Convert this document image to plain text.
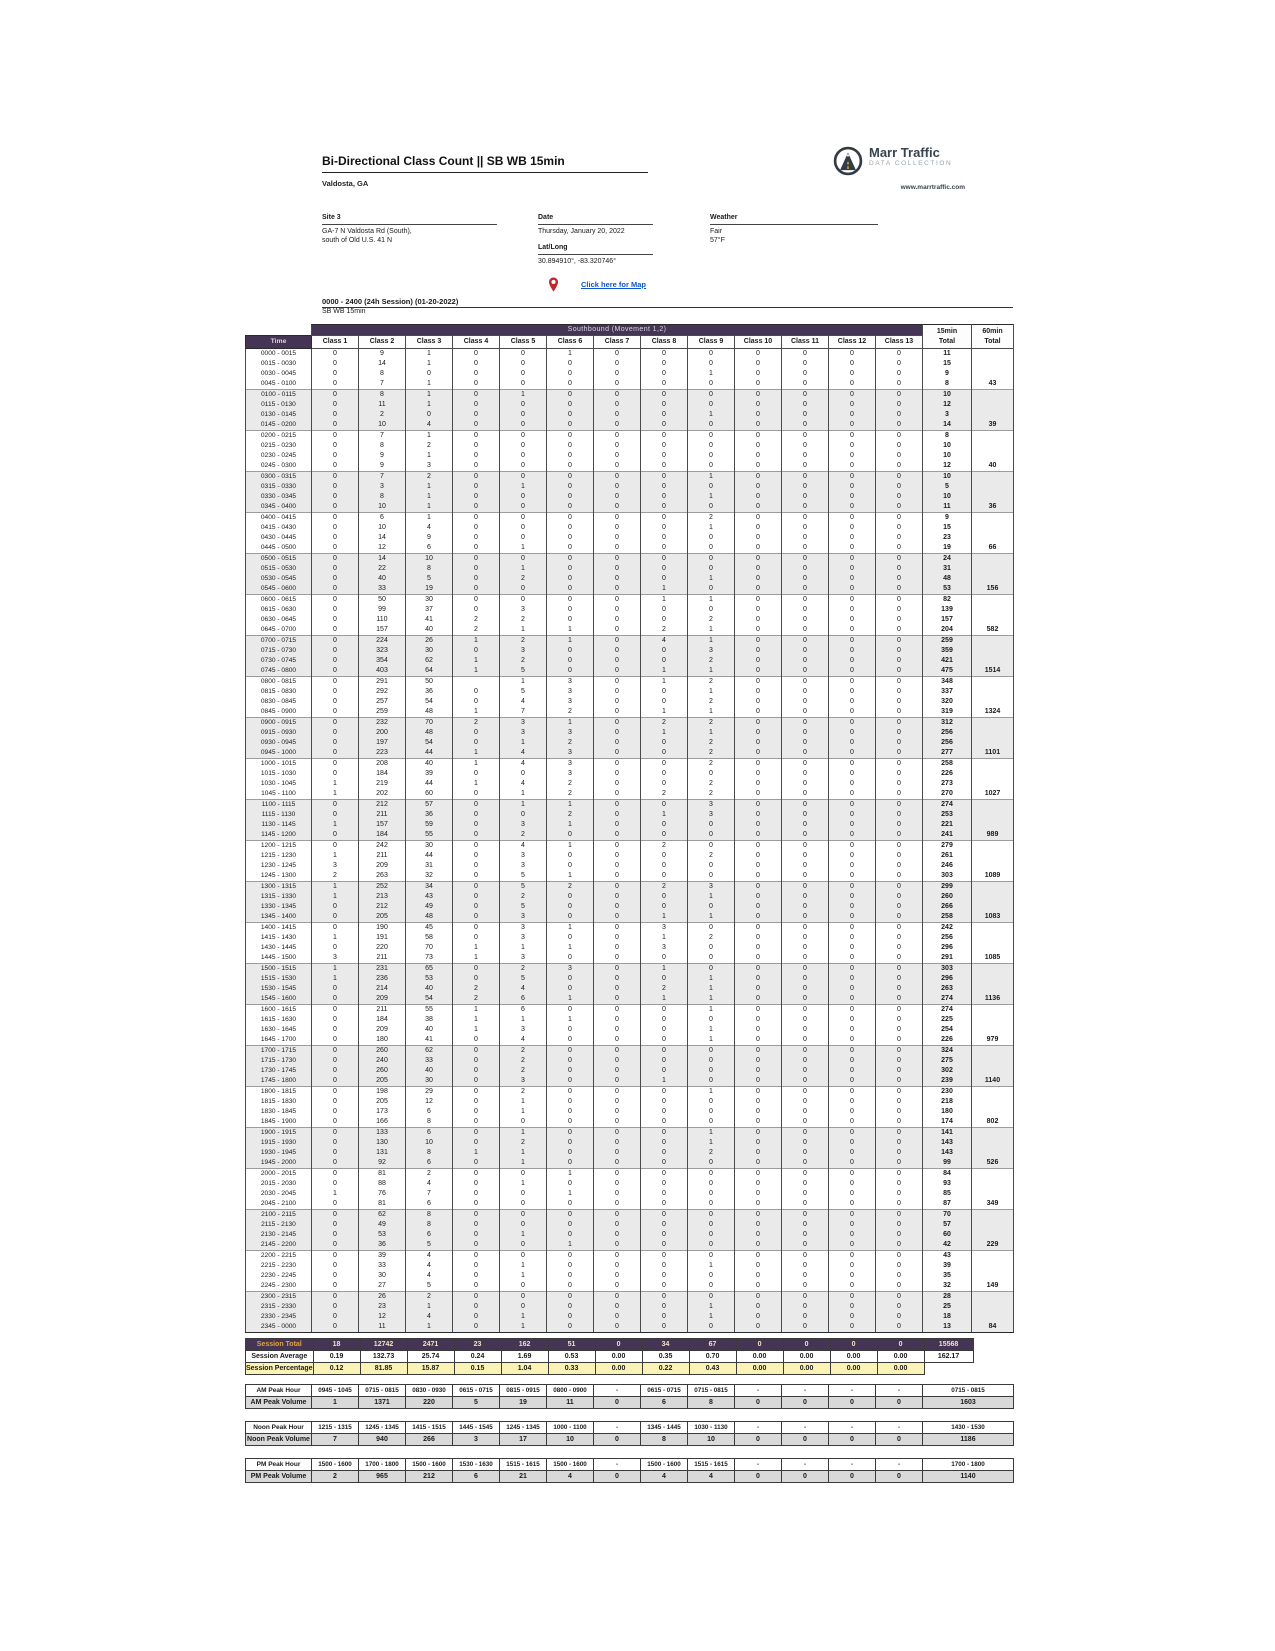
Bi-Directional Class Count || SB WB 15min
Valdosta, GA
Marr Traffic
DATA COLLECTION
www.marrtraffic.com
Site 3
GA-7 N Valdosta Rd (South),
south of Old U.S. 41 N
Date
Thursday, January 20, 2022
Weather
Fair
57°F
Lat/Long
30.894910°, -83.320746°
Click here for Map
0000 - 2400 (24h Session) (01-20-2022)
SB WB 15min
	Southbound (Movement 1,2)	15min
Total

60min
Total

Time	Class 1	Class 2	Class 3	Class 4	Class 5	Class 6	Class 7	Class 8	Class 9	Class 10	Class 11	Class 12	Class 13		
0000 - 0015	0	9	1	0	0	1	0	0	0	0	0	0	0	11	
0015 - 0030	0	14	1	0	0	0	0	0	0	0	0	0	0	15	
0030 - 0045	0	8	0	0	0	0	0	0	1	0	0	0	0	9	
0045 - 0100	0	7	1	0	0	0	0	0	0	0	0	0	0	8	43
0100 - 0115	0	8	1	0	1	0	0	0	0	0	0	0	0	10	
0115 - 0130	0	11	1	0	0	0	0	0	0	0	0	0	0	12	
0130 - 0145	0	2	0	0	0	0	0	0	1	0	0	0	0	3	
0145 - 0200	0	10	4	0	0	0	0	0	0	0	0	0	0	14	39
0200 - 0215	0	7	1	0	0	0	0	0	0	0	0	0	0	8	
0215 - 0230	0	8	2	0	0	0	0	0	0	0	0	0	0	10	
0230 - 0245	0	9	1	0	0	0	0	0	0	0	0	0	0	10	
0245 - 0300	0	9	3	0	0	0	0	0	0	0	0	0	0	12	40
0300 - 0315	0	7	2	0	0	0	0	0	1	0	0	0	0	10	
0315 - 0330	0	3	1	0	1	0	0	0	0	0	0	0	0	5	
0330 - 0345	0	8	1	0	0	0	0	0	1	0	0	0	0	10	
0345 - 0400	0	10	1	0	0	0	0	0	0	0	0	0	0	11	36
0400 - 0415	0	6	1	0	0	0	0	0	2	0	0	0	0	9	
0415 - 0430	0	10	4	0	0	0	0	0	1	0	0	0	0	15	
0430 - 0445	0	14	9	0	0	0	0	0	0	0	0	0	0	23	
0445 - 0500	0	12	6	0	1	0	0	0	0	0	0	0	0	19	66
0500 - 0515	0	14	10	0	0	0	0	0	0	0	0	0	0	24	
0515 - 0530	0	22	8	0	1	0	0	0	0	0	0	0	0	31	
0530 - 0545	0	40	5	0	2	0	0	0	1	0	0	0	0	48	
0545 - 0600	0	33	19	0	0	0	0	1	0	0	0	0	0	53	156
0600 - 0615	0	50	30	0	0	0	0	1	1	0	0	0	0	82	
0615 - 0630	0	99	37	0	3	0	0	0	0	0	0	0	0	139	
0630 - 0645	0	110	41	2	2	0	0	0	2	0	0	0	0	157	
0645 - 0700	0	157	40	2	1	1	0	2	1	0	0	0	0	204	582
0700 - 0715	0	224	26	1	2	1	0	4	1	0	0	0	0	259	
0715 - 0730	0	323	30	0	3	0	0	0	3	0	0	0	0	359	
0730 - 0745	0	354	62	1	2	0	0	0	2	0	0	0	0	421	
0745 - 0800	0	403	64	1	5	0	0	1	1	0	0	0	0	475	1514
0800 - 0815	0	291	50		1	3	0	1	2	0	0	0	0	348	
0815 - 0830	0	292	36	0	5	3	0	0	1	0	0	0	0	337	
0830 - 0845	0	257	54	0	4	3	0	0	2	0	0	0	0	320	
0845 - 0900	0	259	48	1	7	2	0	1	1	0	0	0	0	319	1324
0900 - 0915	0	232	70	2	3	1	0	2	2	0	0	0	0	312	
0915 - 0930	0	200	48	0	3	3	0	1	1	0	0	0	0	256	
0930 - 0945	0	197	54	0	1	2	0	0	2	0	0	0	0	256	
0945 - 1000	0	223	44	1	4	3	0	0	2	0	0	0	0	277	1101
1000 - 1015	0	208	40	1	4	3	0	0	2	0	0	0	0	258	
1015 - 1030	0	184	39	0	0	3	0	0	0	0	0	0	0	226	
1030 - 1045	1	219	44	1	4	2	0	0	2	0	0	0	0	273	
1045 - 1100	1	202	60	0	1	2	0	2	2	0	0	0	0	270	1027
1100 - 1115	0	212	57	0	1	1	0	0	3	0	0	0	0	274	
1115 - 1130	0	211	36	0	0	2	0	1	3	0	0	0	0	253	
1130 - 1145	1	157	59	0	3	1	0	0	0	0	0	0	0	221	
1145 - 1200	0	184	55	0	2	0	0	0	0	0	0	0	0	241	989
1200 - 1215	0	242	30	0	4	1	0	2	0	0	0	0	0	279	
1215 - 1230	1	211	44	0	3	0	0	0	2	0	0	0	0	261	
1230 - 1245	3	209	31	0	3	0	0	0	0	0	0	0	0	246	
1245 - 1300	2	263	32	0	5	1	0	0	0	0	0	0	0	303	1089
1300 - 1315	1	252	34	0	5	2	0	2	3	0	0	0	0	299	
1315 - 1330	1	213	43	0	2	0	0	0	1	0	0	0	0	260	
1330 - 1345	0	212	49	0	5	0	0	0	0	0	0	0	0	266	
1345 - 1400	0	205	48	0	3	0	0	1	1	0	0	0	0	258	1083
1400 - 1415	0	190	45	0	3	1	0	3	0	0	0	0	0	242	
1415 - 1430	1	191	58	0	3	0	0	1	2	0	0	0	0	256	
1430 - 1445	0	220	70	1	1	1	0	3	0	0	0	0	0	296	
1445 - 1500	3	211	73	1	3	0	0	0	0	0	0	0	0	291	1085
1500 - 1515	1	231	65	0	2	3	0	1	0	0	0	0	0	303	
1515 - 1530	1	236	53	0	5	0	0	0	1	0	0	0	0	296	
1530 - 1545	0	214	40	2	4	0	0	2	1	0	0	0	0	263	
1545 - 1600	0	209	54	2	6	1	0	1	1	0	0	0	0	274	1136
1600 - 1615	0	211	55	1	6	0	0	0	1	0	0	0	0	274	
1615 - 1630	0	184	38	1	1	1	0	0	0	0	0	0	0	225	
1630 - 1645	0	209	40	1	3	0	0	0	1	0	0	0	0	254	
1645 - 1700	0	180	41	0	4	0	0	0	1	0	0	0	0	226	979
1700 - 1715	0	260	62	0	2	0	0	0	0	0	0	0	0	324	
1715 - 1730	0	240	33	0	2	0	0	0	0	0	0	0	0	275	
1730 - 1745	0	260	40	0	2	0	0	0	0	0	0	0	0	302	
1745 - 1800	0	205	30	0	3	0	0	1	0	0	0	0	0	239	1140
1800 - 1815	0	198	29	0	2	0	0	0	1	0	0	0	0	230	
1815 - 1830	0	205	12	0	1	0	0	0	0	0	0	0	0	218	
1830 - 1845	0	173	6	0	1	0	0	0	0	0	0	0	0	180	
1845 - 1900	0	166	8	0	0	0	0	0	0	0	0	0	0	174	802
1900 - 1915	0	133	6	0	1	0	0	0	1	0	0	0	0	141	
1915 - 1930	0	130	10	0	2	0	0	0	1	0	0	0	0	143	
1930 - 1945	0	131	8	1	1	0	0	0	2	0	0	0	0	143	
1945 - 2000	0	92	6	0	1	0	0	0	0	0	0	0	0	99	526
2000 - 2015	0	81	2	0	0	1	0	0	0	0	0	0	0	84	
2015 - 2030	0	88	4	0	1	0	0	0	0	0	0	0	0	93	
2030 - 2045	1	76	7	0	0	1	0	0	0	0	0	0	0	85	
2045 - 2100	0	81	6	0	0	0	0	0	0	0	0	0	0	87	349
2100 - 2115	0	62	8	0	0	0	0	0	0	0	0	0	0	70	
2115 - 2130	0	49	8	0	0	0	0	0	0	0	0	0	0	57	
2130 - 2145	0	53	6	0	1	0	0	0	0	0	0	0	0	60	
2145 - 2200	0	36	5	0	0	1	0	0	0	0	0	0	0	42	229
2200 - 2215	0	39	4	0	0	0	0	0	0	0	0	0	0	43	
2215 - 2230	0	33	4	0	1	0	0	0	1	0	0	0	0	39	
2230 - 2245	0	30	4	0	1	0	0	0	0	0	0	0	0	35	
2245 - 2300	0	27	5	0	0	0	0	0	0	0	0	0	0	32	149
2300 - 2315	0	26	2	0	0	0	0	0	0	0	0	0	0	28	
2315 - 2330	0	23	1	0	0	0	0	0	1	0	0	0	0	25	
2330 - 2345	0	12	4	0	1	0	0	0	1	0	0	0	0	18	
2345 - 0000	0	11	1	0	1	0	0	0	0	0	0	0	0	13	84
Session Total	18	12742	2471	23	162	51	0	34	67	0	0	0	0	15568	
Session Average	0.19	132.73	25.74	0.24	1.69	0.53	0.00	0.35	0.70	0.00	0.00	0.00	0.00	162.17	
Session Percentage	0.12	81.85	15.87	0.15	1.04	0.33	0.00	0.22	0.43	0.00	0.00	0.00	0.00		
AM Peak Hour	0945 - 1045	0715 - 0815	0830 - 0930	0615 - 0715	0815 - 0915	0800 - 0900	-	0615 - 0715	0715 - 0815	-	-	-	-	0715 - 0815
AM Peak Volume	1	1371	220	5	19	11	0	6	8	0	0	0	0	1603
Noon Peak Hour	1215 - 1315	1245 - 1345	1415 - 1515	1445 - 1545	1245 - 1345	1000 - 1100	-	1345 - 1445	1030 - 1130	-	-	-	-	1430 - 1530
Noon Peak Volume	7	940	266	3	17	10	0	8	10	0	0	0	0	1186
PM Peak Hour	1500 - 1600	1700 - 1800	1500 - 1600	1530 - 1630	1515 - 1615	1500 - 1600	-	1500 - 1600	1515 - 1615	-	-	-	-	1700 - 1800
PM Peak Volume	2	965	212	6	21	4	0	4	4	0	0	0	0	1140
